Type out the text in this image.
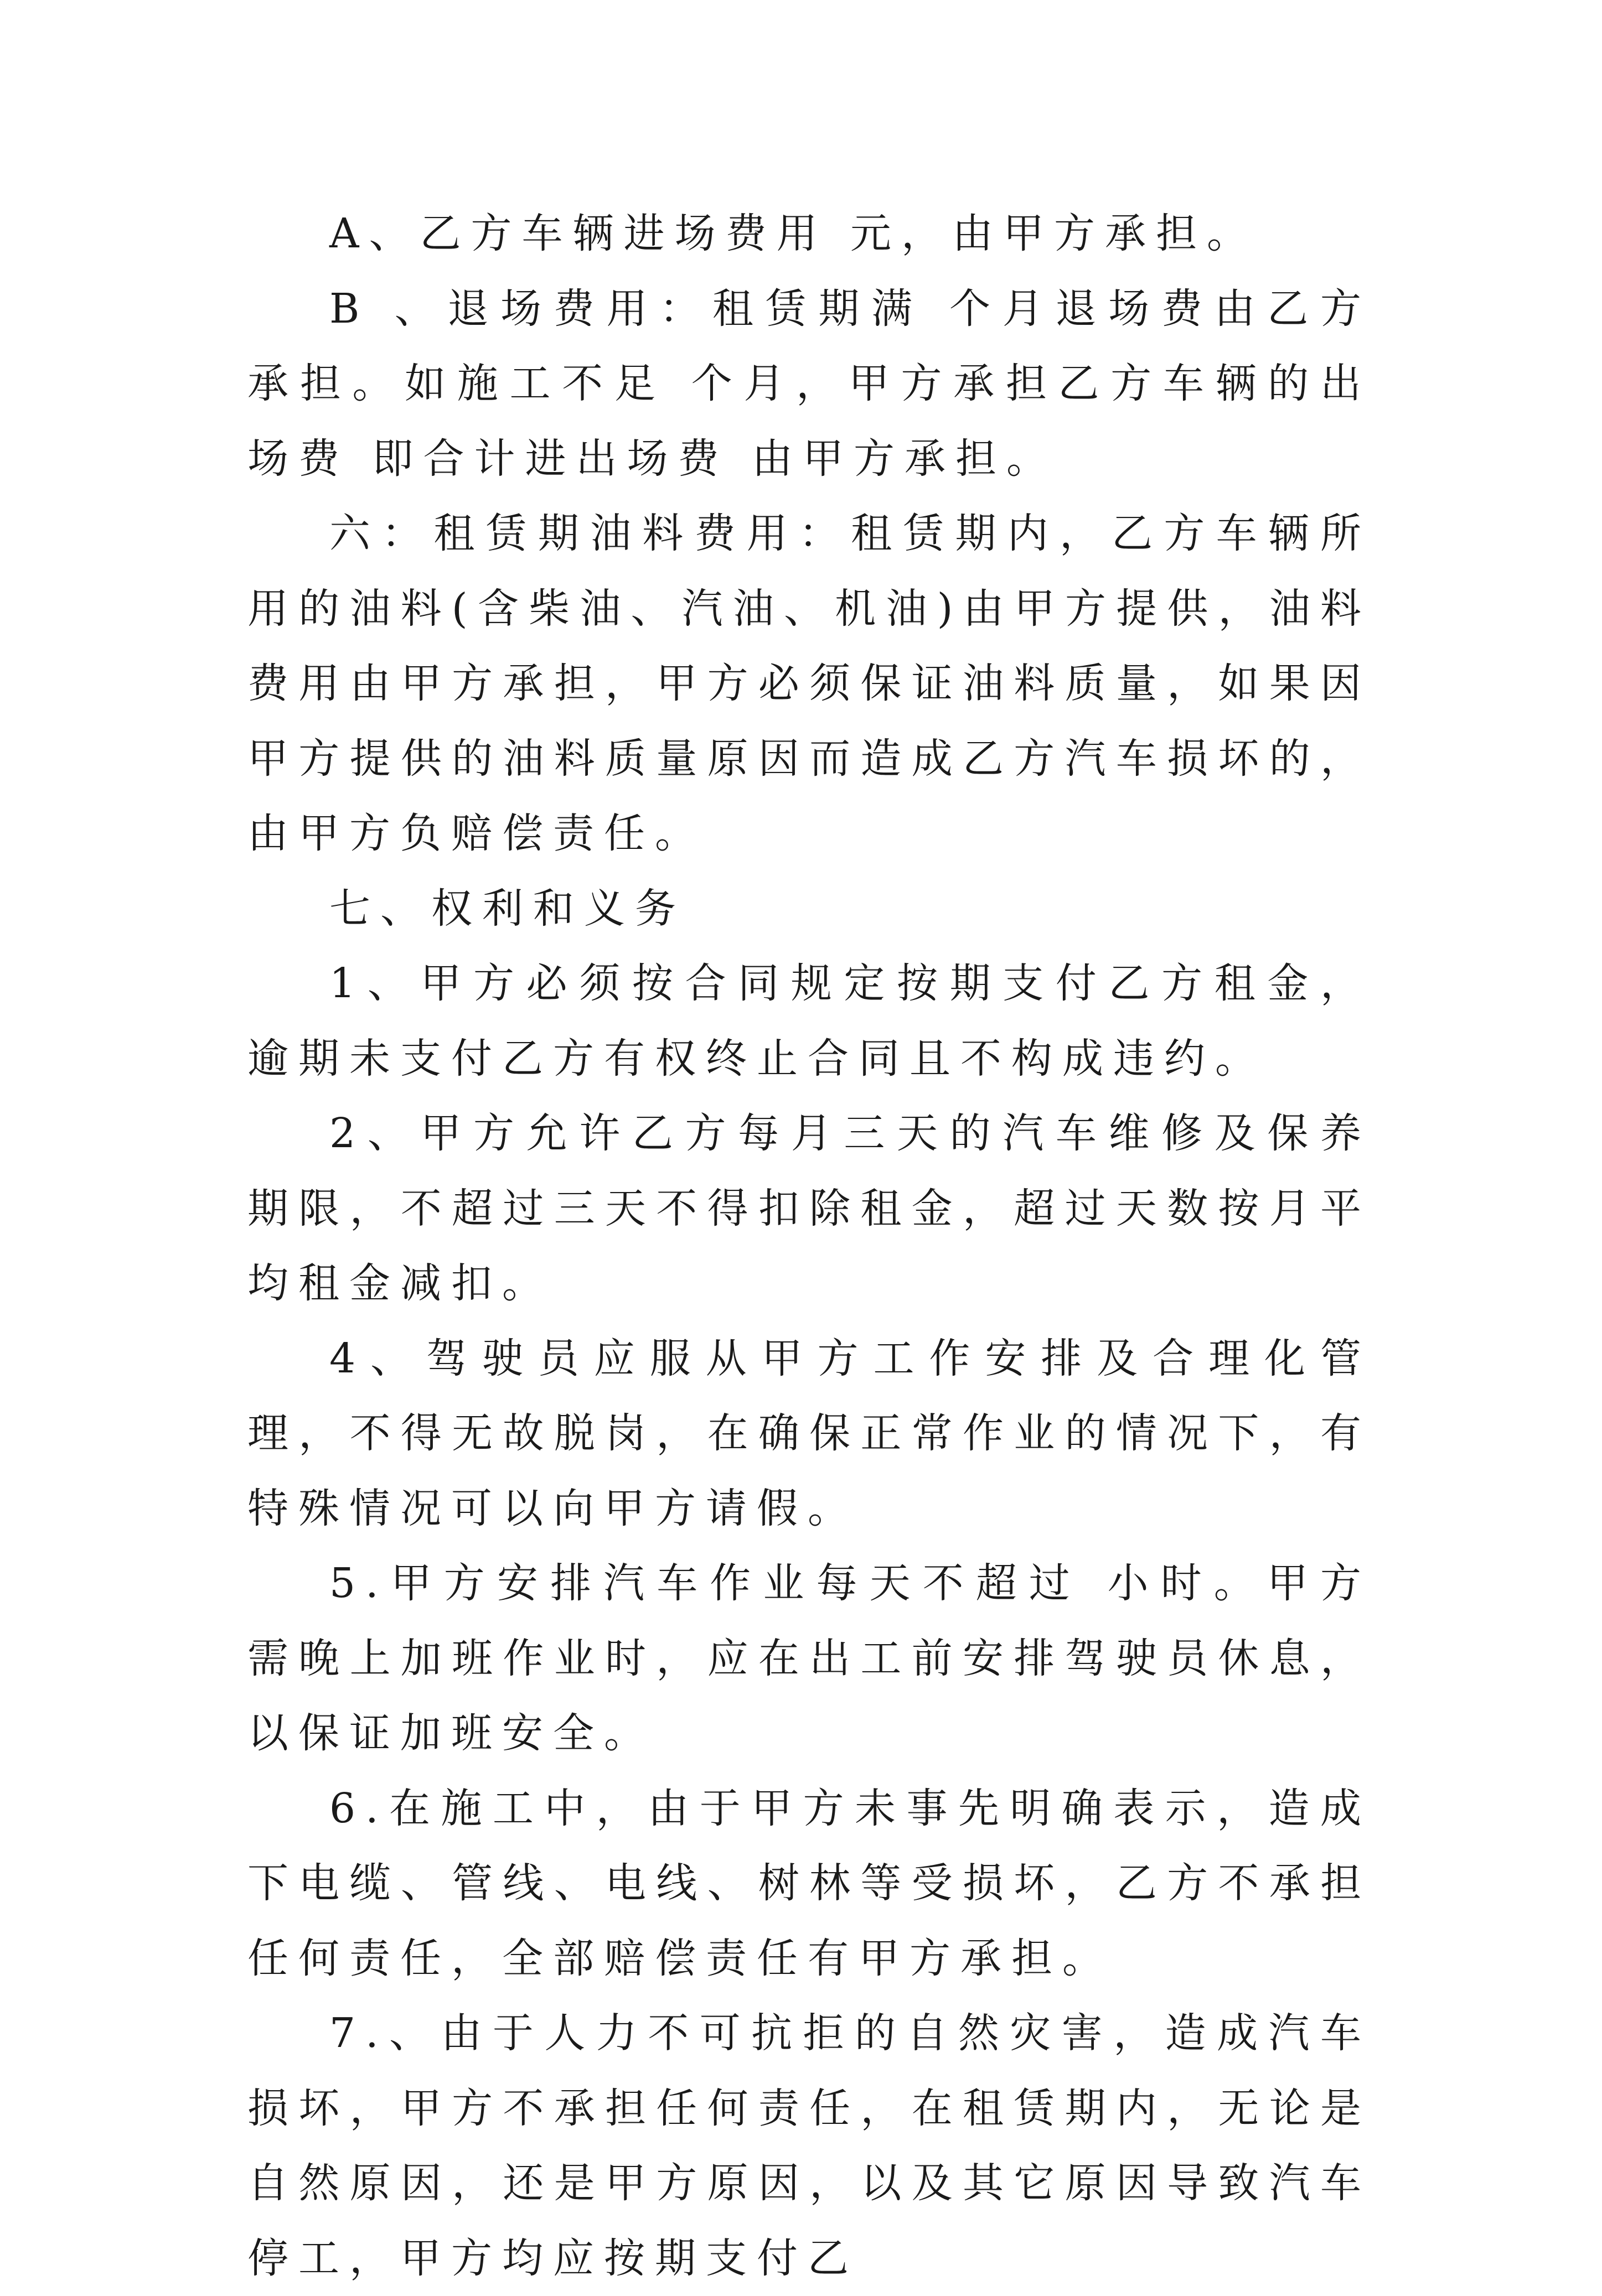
A、乙方车辆进场费用 元，由甲方承担。

B 、退场费用：租赁期满 个月退场费由乙方承担。如施工不足 个月，甲方承担乙方车辆的出场费 即合计进出场费 由甲方承担。

六：租赁期油料费用：租赁期内，乙方车辆所用的油料(含柴油、汽油、机油)由甲方提供，油料费用由甲方承担，甲方必须保证油料质量，如果因甲方提供的油料质量原因而造成乙方汽车损坏的，由甲方负赔偿责任。

七、权利和义务

1、甲方必须按合同规定按期支付乙方租金，逾期未支付乙方有权终止合同且不构成违约。

2、甲方允许乙方每月三天的汽车维修及保养期限，不超过三天不得扣除租金，超过天数按月平均租金减扣。

4、驾驶员应服从甲方工作安排及合理化管理，不得无故脱岗，在确保正常作业的情况下，有特殊情况可以向甲方请假。

5.甲方安排汽车作业每天不超过 小时。甲方需晚上加班作业时，应在出工前安排驾驶员休息，以保证加班安全。

6.在施工中，由于甲方未事先明确表示，造成下电缆、管线、电线、树林等受损坏，乙方不承担任何责任，全部赔偿责任有甲方承担。

7.、由于人力不可抗拒的自然灾害，造成汽车损坏，甲方不承担任何责任，在租赁期内，无论是自然原因，还是甲方原因，以及其它原因导致汽车停工，甲方均应按期支付乙
